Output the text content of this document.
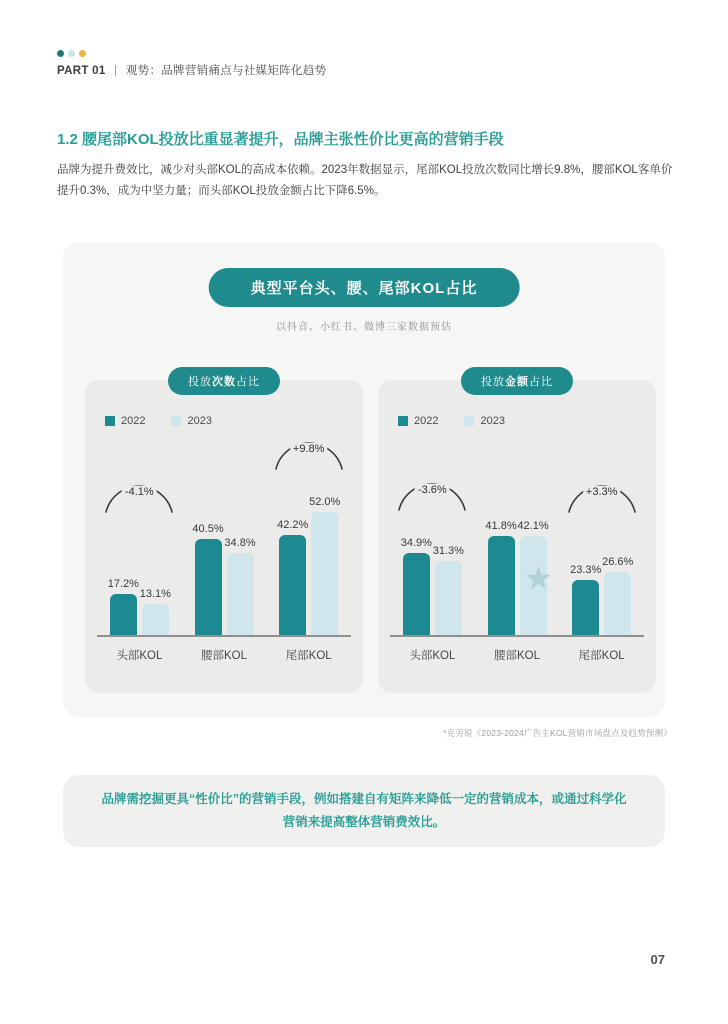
PART 01 | 观势：品牌营销痛点与社媒矩阵化趋势
1.2 腰尾部KOL投放比重显著提升，品牌主张性价比更高的营销手段
品牌为提升费效比，减少对头部KOL的高成本依赖。2023年数据显示，尾部KOL投放次数同比增长9.8%，腰部KOL客单价提升0.3%，成为中坚力量；而头部KOL投放金额占比下降6.5%。
典型平台头、腰、尾部KOL占比
以抖音、小红书、微博三家数据预估
投放次数占比
2022	2023
17.2%
13.1%
-4.1%
40.5%
34.8%
42.2%
52.0%
+9.8%
头部KOL	腰部KOL	尾部KOL
投放金额占比
2022	2023
34.9%
31.3%
-3.6%
41.8% 42.1%
23.3%
26.6%
+3.3%
头部KOL	腰部KOL	尾部KOL
★
*克劳锐《2023-2024广告主KOL营销市场盘点及趋势预测》
品牌需挖掘更具“性价比”的营销手段，例如搭建自有矩阵来降低一定的营销成本，或通过科学化营销来提高整体营销费效比。
07
